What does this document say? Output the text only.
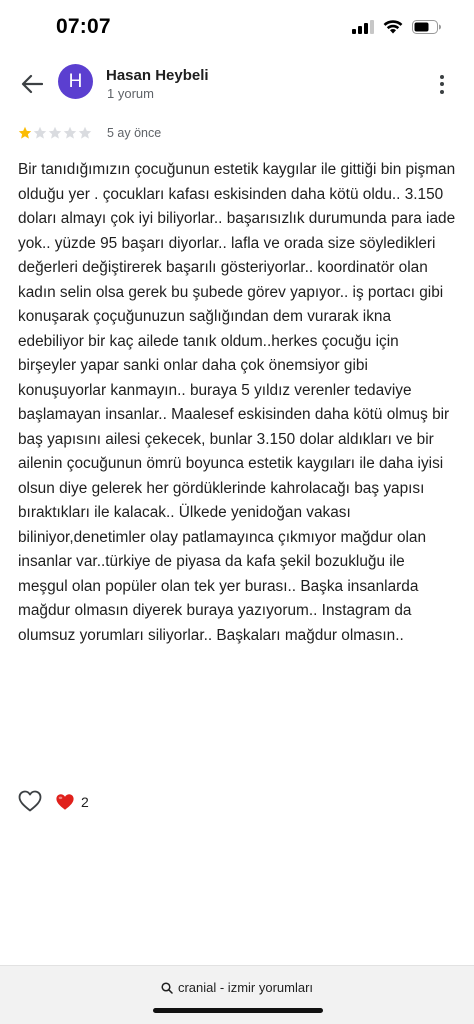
07:07
H Hasan Heybeli
1 yorum
5 ay önce
Bir tanıdığımızın çocuğunun estetik kaygılar ile gittiği bin pişman olduğu yer . çocukları kafası eskisinden daha kötü oldu.. 3.150 doları almayı çok iyi biliyorlar.. başarısızlık durumunda para iade yok.. yüzde 95 başarı diyorlar.. lafla ve orada size söyledikleri değerleri değiştirerek başarılı gösteriyorlar.. koordinatör olan kadın selin olsa gerek bu şubede görev yapıyor.. iş portacı gibi konuşarak çoçuğunuzun sağlığından dem vurarak ikna edebiliyor bir kaç ailede tanık oldum..herkes çocuğu için birşeyler yapar sanki onlar daha çok önemsiyor gibi konuşuyorlar kanmayın.. buraya 5 yıldız verenler tedaviye başlamayan insanlar.. Maalesef eskisinden daha kötü olmuş bir baş yapısını ailesi çekecek, bunlar 3.150 dolar aldıkları ve bir ailenin çocuğunun ömrü boyunca estetik kaygıları ile daha iyisi olsun diye gelerek her gördüklerinde kahrolacağı baş yapısı bıraktıkları ile kalacak.. Ülkede yenidoğan vakası biliniyor,denetimler olay patlamayınca çıkmıyor mağdur olan insanlar var..türkiye de piyasa da kafa şekil bozukluğu ile meşgul olan popüler olan tek yer burası.. Başka insanlarda mağdur olmasın diyerek buraya yazıyorum.. Instagram da olumsuz yorumları siliyorlar.. Başkaları mağdur olmasın..
2
cranial - izmir yorumları
